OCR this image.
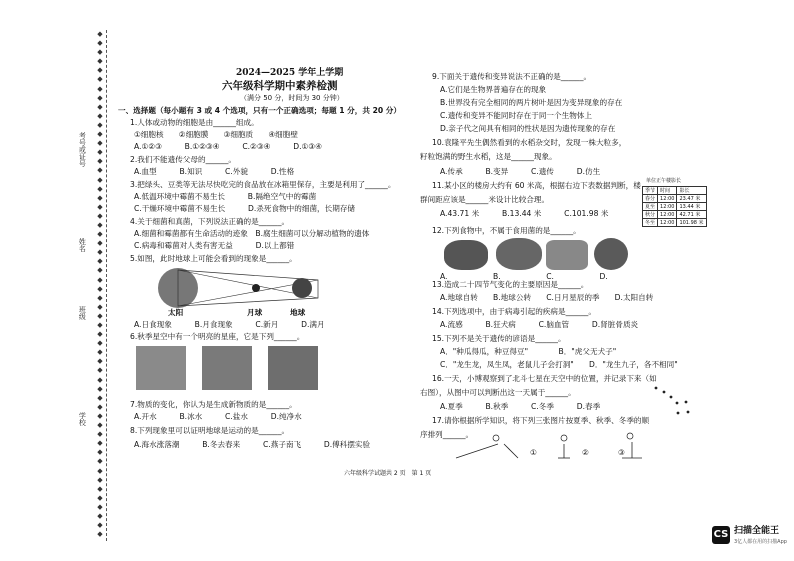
◆
◆
◆
◆
◆
◆
◆
◆
◆
◆
◆
◆
◆
◆
◆
◆
◆
◆
◆
◆
◆
◆
◆
◆
◆
◆
◆
◆
◆
◆
◆
◆
◆
◆
◆
◆
◆
◆
◆
◆
◆
◆
◆
◆
◆
◆
◆
◆
◆
◆
◆
◆
◆
◆
◆
◆
考号或证号
姓名
班级
学校
2024—2025 学年上学期
六年级科学期中素养检测
（满分 50 分，时间为 30 分钟）
一、选择题（每小题有 3 或 4 个选项，只有一个正确选项；每题 1 分，共 20 分）
1.人体或动物的细胞是由______组成。
①细胞核　　②细胞膜　　③细胞质　　④细胞壁
A.①②③　　　B.①②③④　　　C.②③④　　　D.①③④
2.我们不能遗传父母的______。
A.血型　　　B.知识　　　C.外貌　　　D.性格
3.把绿头、豆类等无法尽快吃完的食品放在冰箱里保存，主要是利用了______。
A.低温环境中霉菌不易生长　　　B.隔绝空气中的霉菌
C.干燥环境中霉菌不易生长　　　D.杀死食物中的细菌，长期存储
4.关于细菌和真菌，下列说法正确的是______。
A.细菌和霉菌都有生命活动的迹象　B.腐生细菌可以分解动植物的遗体
C.病毒和霉菌对人类有害无益　　　D.以上都错
5.如图，此时地球上可能会看到的现象是______。
太阳	月球	地球
A.日食现象　　　B.月食现象　　　C.新月　　　D.满月
6.秋季星空中有一个明亮的星座，它是下列______。
7.物质的变化，你认为是生成新物质的是______。
A.开水　　　B.冰水　　　C.盐水　　　D.纯净水
8.下列现象里可以证明地球是运动的是______。
A.海水涨落潮　　　B.冬去春来　　　C.燕子南飞　　　D.傅科摆实验
六年级科学试题共 2 页　第 1 页
9.下面关于遗传和变异说法不正确的是______。
A.它们是生物界普遍存在的现象
B.世界没有完全相同的两片树叶是因为变异现象的存在
C.遗传和变异不能同时存在于同一个生物体上
D.亲子代之间具有相同的性状是因为遗传现象的存在
10.袁隆平先生偶然看到的水稻杂交时，发现一株大粒多，
籽粒饱满的野生水稻，这是______现象。
A.传承　　　B.变异　　　C.遗传　　　D.仿生
11.某小区的楼房大约有 60 米高，根据右边下表数据判断，楼
群间距应该是______米设计比较合理。
A.43.71 米　　　B.13.44 米　　　C.101.98 米
单位正午楼影长
季节	时间	影长
春分	12:00	23.47 米
夏至	12:00	13.44 米
秋分	12:00	42.71 米
冬至	12:00	101.98 米
12.下列食物中，不属于食用菌的是______。
A.　　　　　　B.　　　　　　C.　　　　　　D.
13.造成二十四节气变化的主要原因是______。
A.地球自转　　B.地球公转　　C.日月星辰的季　　D.太阳自转
14.下列选项中，由于病毒引起的疾病是______。
A.流感　　　B.狂犬病　　　C.脑血管　　　D.肾脏骨质炎
15.下列不是关于遗传的谚语是______。
A．"种瓜得瓜，种豆得豆"　　　　B．"虎父无犬子"
C．"龙生龙，凤生凤，老鼠儿子会打洞"　　D．"龙生九子，各不相同"
16.一天，小博观察到了北斗七星在天空中的位置，并记录下来（如
右图），从图中可以判断出这一天属于______。
A.夏季　　　B.秋季　　　C.冬季　　　D.春季
17.请你根据所学知识，将下列三张图片按夏季、秋季、冬季的顺
序排列______。
①	②	③
CS 扫描全能王
3亿人都在用的扫描App
